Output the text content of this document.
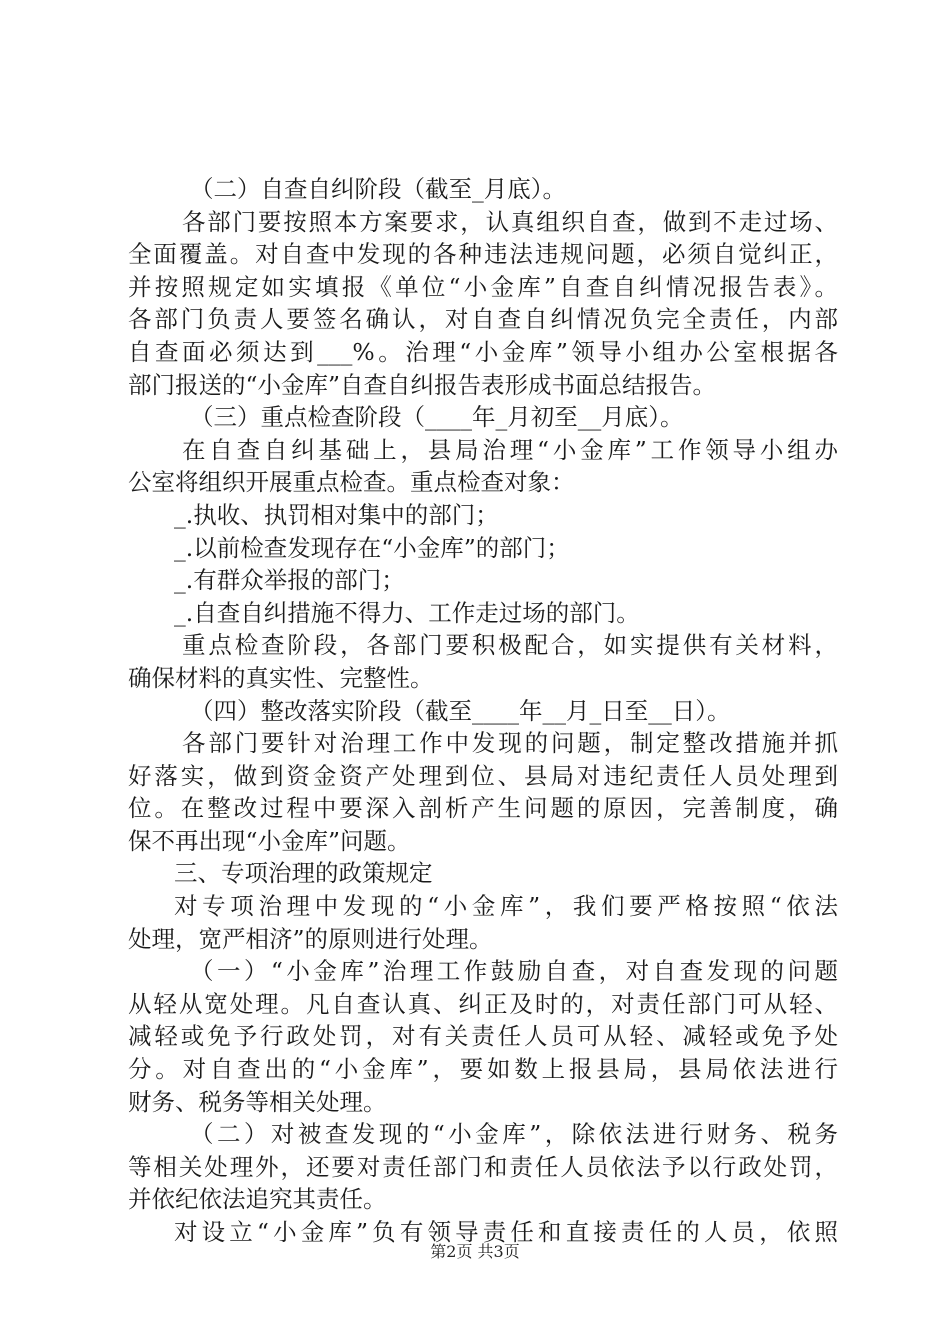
（二）自查自纠阶段（截至_月底）。
各部门要按照本方案要求，认真组织自查，做到不走过场、
全面覆盖。对自查中发现的各种违法违规问题，必须自觉纠正，
并按照规定如实填报《单位“小金库”自查自纠情况报告表》。
各部门负责人要签名确认，对自查自纠情况负完全责任，内部
自查面必须达到___%。治理“小金库”领导小组办公室根据各
部门报送的“小金库”自查自纠报告表形成书面总结报告。
（三）重点检查阶段（____年_月初至__月底）。
在自查自纠基础上，县局治理“小金库”工作领导小组办
公室将组织开展重点检查。重点检查对象：
_.执收、执罚相对集中的部门；
_.以前检查发现存在“小金库”的部门；
_.有群众举报的部门；
_.自查自纠措施不得力、工作走过场的部门。
重点检查阶段，各部门要积极配合，如实提供有关材料，
确保材料的真实性、完整性。
（四）整改落实阶段（截至____年__月_日至__日）。
各部门要针对治理工作中发现的问题，制定整改措施并抓
好落实，做到资金资产处理到位、县局对违纪责任人员处理到
位。在整改过程中要深入剖析产生问题的原因，完善制度，确
保不再出现“小金库”问题。
三、专项治理的政策规定
对专项治理中发现的“小金库”，我们要严格按照“依法
处理，宽严相济”的原则进行处理。
（一）“小金库”治理工作鼓励自查，对自查发现的问题
从轻从宽处理。凡自查认真、纠正及时的，对责任部门可从轻、
减轻或免予行政处罚，对有关责任人员可从轻、减轻或免予处
分。对自查出的“小金库”，要如数上报县局，县局依法进行
财务、税务等相关处理。
（二）对被查发现的“小金库”，除依法进行财务、税务
等相关处理外，还要对责任部门和责任人员依法予以行政处罚，
并依纪依法追究其责任。
对设立“小金库”负有领导责任和直接责任的人员，依照
第2页 共3页
